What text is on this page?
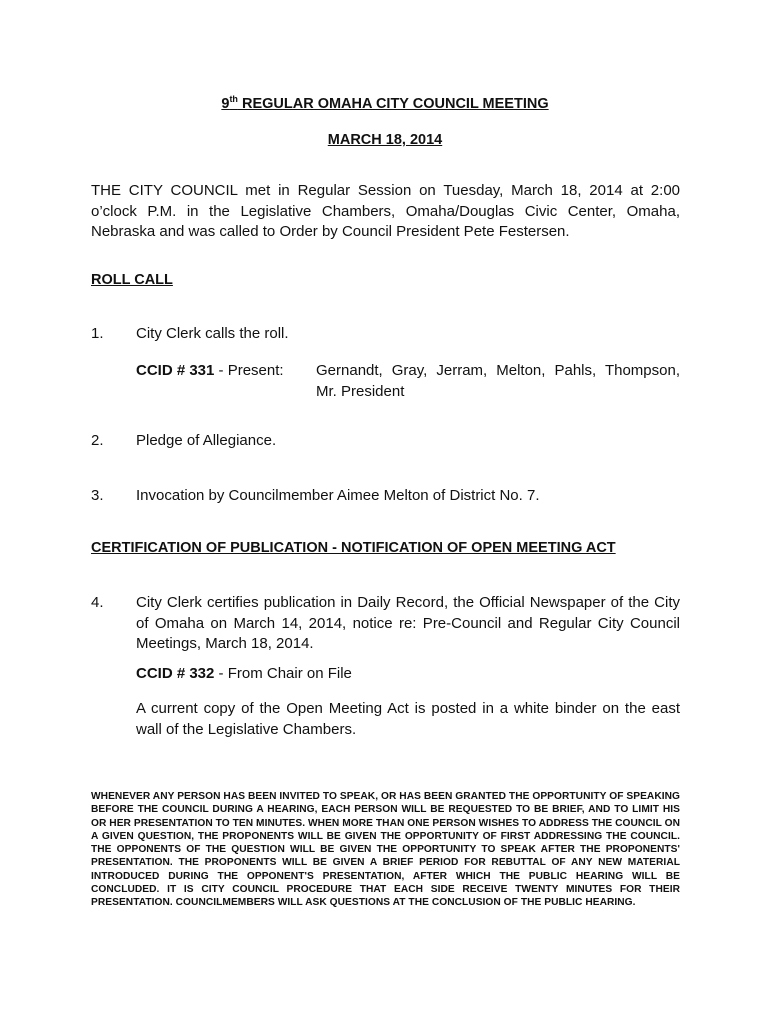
9th REGULAR OMAHA CITY COUNCIL MEETING
MARCH 18, 2014
THE CITY COUNCIL met in Regular Session on Tuesday, March 18, 2014 at 2:00 o’clock P.M. in the Legislative Chambers, Omaha/Douglas Civic Center, Omaha, Nebraska and was called to Order by Council President Pete Festersen.
ROLL CALL
1. City Clerk calls the roll.
CCID # 331 - Present: Gernandt, Gray, Jerram, Melton, Pahls, Thompson, Mr. President
2. Pledge of Allegiance.
3. Invocation by Councilmember Aimee Melton of District No. 7.
CERTIFICATION OF PUBLICATION - NOTIFICATION OF OPEN MEETING ACT
4. City Clerk certifies publication in Daily Record, the Official Newspaper of the City of Omaha on March 14, 2014, notice re: Pre-Council and Regular City Council Meetings, March 18, 2014.
CCID # 332 - From Chair on File
A current copy of the Open Meeting Act is posted in a white binder on the east wall of the Legislative Chambers.
WHENEVER ANY PERSON HAS BEEN INVITED TO SPEAK, OR HAS BEEN GRANTED THE OPPORTUNITY OF SPEAKING BEFORE THE COUNCIL DURING A HEARING, EACH PERSON WILL BE REQUESTED TO BE BRIEF, AND TO LIMIT HIS OR HER PRESENTATION TO TEN MINUTES. WHEN MORE THAN ONE PERSON WISHES TO ADDRESS THE COUNCIL ON A GIVEN QUESTION, THE PROPONENTS WILL BE GIVEN THE OPPORTUNITY OF FIRST ADDRESSING THE COUNCIL. THE OPPONENTS OF THE QUESTION WILL BE GIVEN THE OPPORTUNITY TO SPEAK AFTER THE PROPONENTS' PRESENTATION. THE PROPONENTS WILL BE GIVEN A BRIEF PERIOD FOR REBUTTAL OF ANY NEW MATERIAL INTRODUCED DURING THE OPPONENT'S PRESENTATION, AFTER WHICH THE PUBLIC HEARING WILL BE CONCLUDED. IT IS CITY COUNCIL PROCEDURE THAT EACH SIDE RECEIVE TWENTY MINUTES FOR THEIR PRESENTATION. COUNCILMEMBERS WILL ASK QUESTIONS AT THE CONCLUSION OF THE PUBLIC HEARING.
